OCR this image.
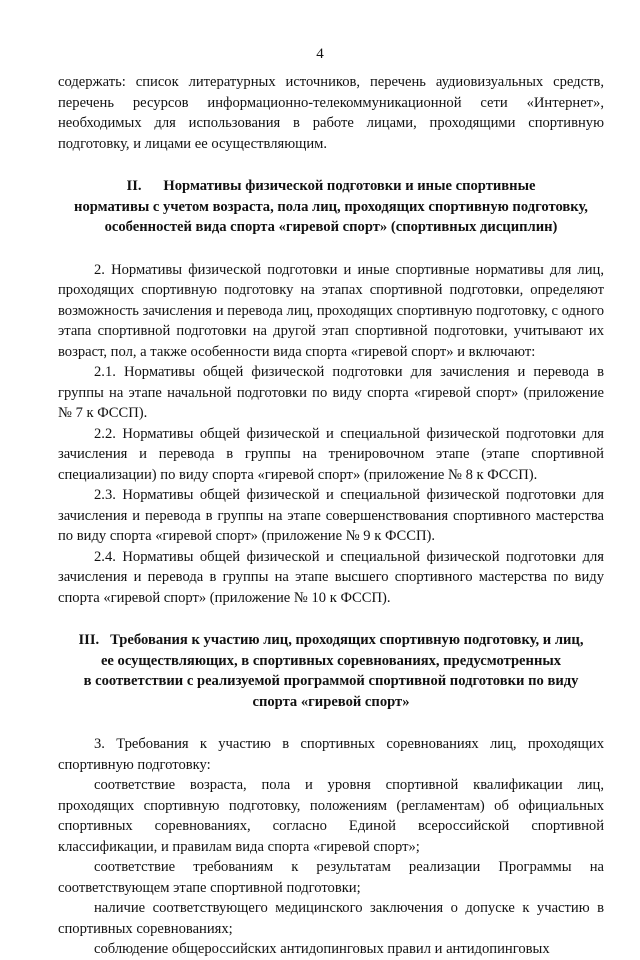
4

содержать: список литературных источников, перечень аудиовизуальных средств, перечень ресурсов информационно-телекоммуникационной сети «Интернет», необходимых для использования в работе лицами, проходящими спортивную подготовку, и лицами ее осуществляющим.

II.      Нормативы физической подготовки и иные спортивные

нормативы с учетом возраста, пола лиц, проходящих спортивную подготовку,

особенностей вида спорта «гиревой спорт» (спортивных дисциплин)

2. Нормативы физической подготовки и иные спортивные нормативы для лиц, проходящих спортивную подготовку на этапах спортивной подготовки, определяют возможность зачисления и перевода лиц, проходящих спортивную подготовку, с одного этапа спортивной подготовки на другой этап спортивной подготовки, учитывают их возраст, пол, а также особенности вида спорта «гиревой спорт» и включают:

2.1. Нормативы общей физической подготовки для зачисления и перевода в группы на этапе начальной подготовки по виду спорта «гиревой спорт» (приложение № 7 к ФССП).

2.2. Нормативы общей физической и специальной физической подготовки для зачисления и перевода в группы на тренировочном этапе (этапе спортивной специализации) по виду спорта «гиревой спорт» (приложение № 8 к ФССП).

2.3. Нормативы общей физической и специальной физической подготовки для зачисления и перевода в группы на этапе совершенствования спортивного мастерства по виду спорта «гиревой спорт» (приложение № 9 к ФССП).

2.4. Нормативы общей физической и специальной физической подготовки для зачисления и перевода в группы на этапе высшего спортивного мастерства по виду спорта «гиревой спорт» (приложение № 10 к ФССП).

III.   Требования к участию лиц, проходящих спортивную подготовку, и лиц,

ее осуществляющих, в спортивных соревнованиях, предусмотренных

в соответствии с реализуемой программой спортивной подготовки по виду

спорта «гиревой спорт»

3. Требования к участию в спортивных соревнованиях лиц, проходящих спортивную подготовку:

соответствие возраста, пола и уровня спортивной квалификации лиц, проходящих спортивную подготовку, положениям (регламентам) об официальных спортивных соревнованиях, согласно Единой всероссийской спортивной классификации, и правилам вида спорта «гиревой спорт»;

соответствие требованиям к результатам реализации Программы на соответствующем этапе спортивной подготовки;

наличие соответствующего медицинского заключения о допуске к участию в спортивных соревнованиях;

соблюдение общероссийских антидопинговых правил и антидопинговых
